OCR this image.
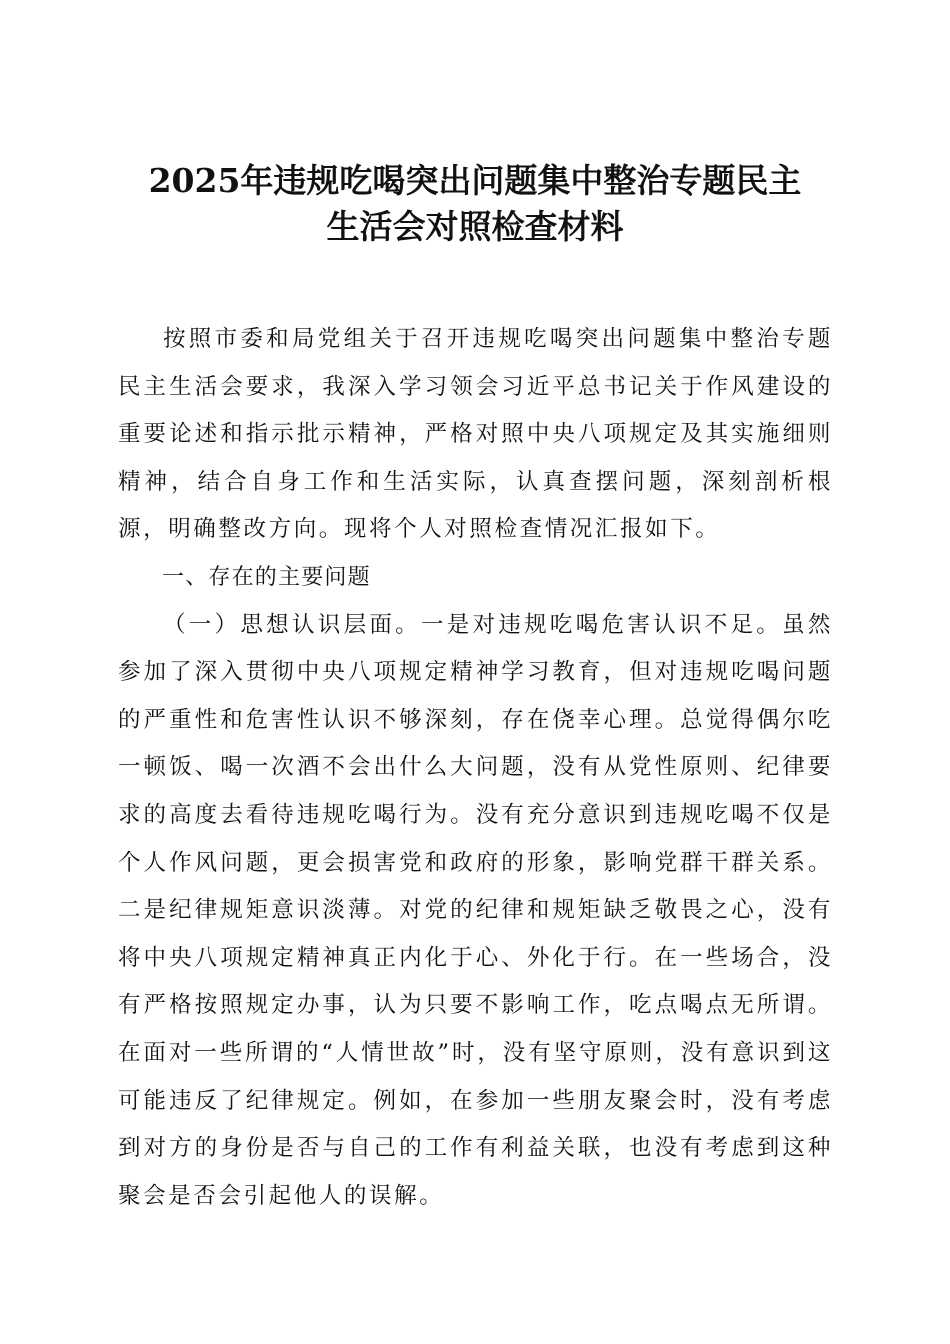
2025年违规吃喝突出问题集中整治专题民主
生活会对照检查材料

按照市委和局党组关于召开违规吃喝突出问题集中整治专题民主生活会要求，我深入学习领会习近平总书记关于作风建设的重要论述和指示批示精神，严格对照中央八项规定及其实施细则精神，结合自身工作和生活实际，认真查摆问题，深刻剖析根源，明确整改方向。现将个人对照检查情况汇报如下。

一、存在的主要问题

（一）思想认识层面。一是对违规吃喝危害认识不足。虽然参加了深入贯彻中央八项规定精神学习教育，但对违规吃喝问题的严重性和危害性认识不够深刻，存在侥幸心理。总觉得偶尔吃一顿饭、喝一次酒不会出什么大问题，没有从党性原则、纪律要求的高度去看待违规吃喝行为。没有充分意识到违规吃喝不仅是个人作风问题，更会损害党和政府的形象，影响党群干群关系。二是纪律规矩意识淡薄。对党的纪律和规矩缺乏敬畏之心，没有将中央八项规定精神真正内化于心、外化于行。在一些场合，没有严格按照规定办事，认为只要不影响工作，吃点喝点无所谓。在面对一些所谓的“人情世故”时，没有坚守原则，没有意识到这可能违反了纪律规定。例如，在参加一些朋友聚会时，没有考虑到对方的身份是否与自己的工作有利益关联，也没有考虑到这种聚会是否会引起他人的误解。
